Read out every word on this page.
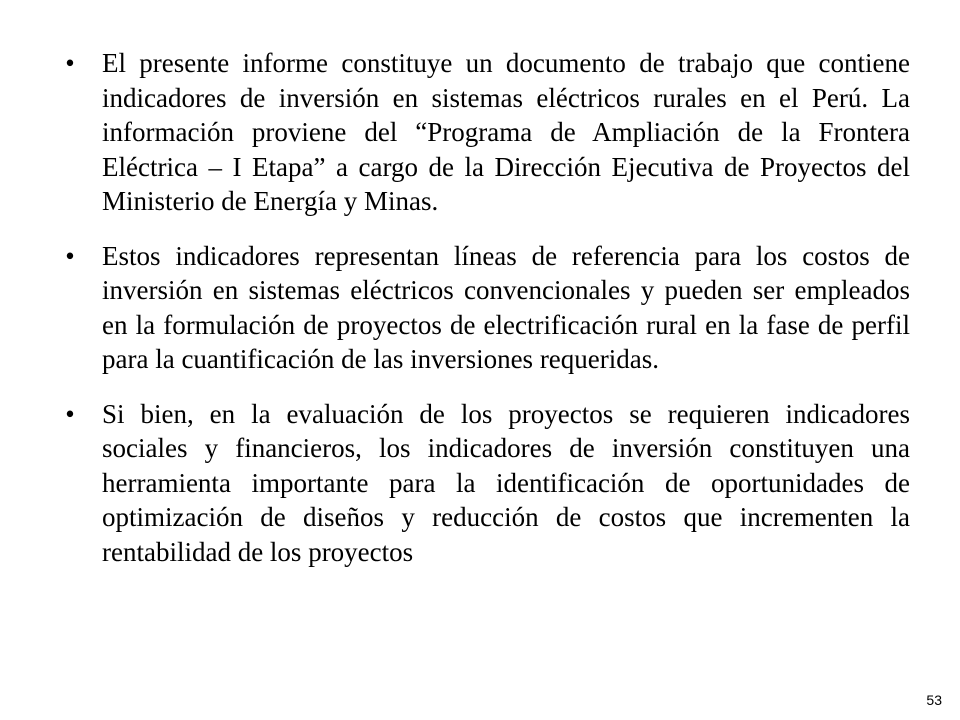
• El presente informe constituye un documento de trabajo que contiene indicadores de inversión en sistemas eléctricos rurales en el Perú. La información proviene del “Programa de Ampliación de la Frontera Eléctrica – I Etapa” a cargo de la Dirección Ejecutiva de Proyectos del Ministerio de Energía y Minas.
• Estos indicadores representan líneas de referencia para los costos de inversión en sistemas eléctricos convencionales y pueden ser empleados en la formulación de proyectos de electrificación rural en la fase de perfil para la cuantificación de las inversiones requeridas.
• Si bien, en la evaluación de los proyectos se requieren indicadores sociales y financieros, los indicadores de inversión constituyen una herramienta importante para la identificación de oportunidades de optimización de diseños y reducción de costos que incrementen la rentabilidad de los proyectos
53
